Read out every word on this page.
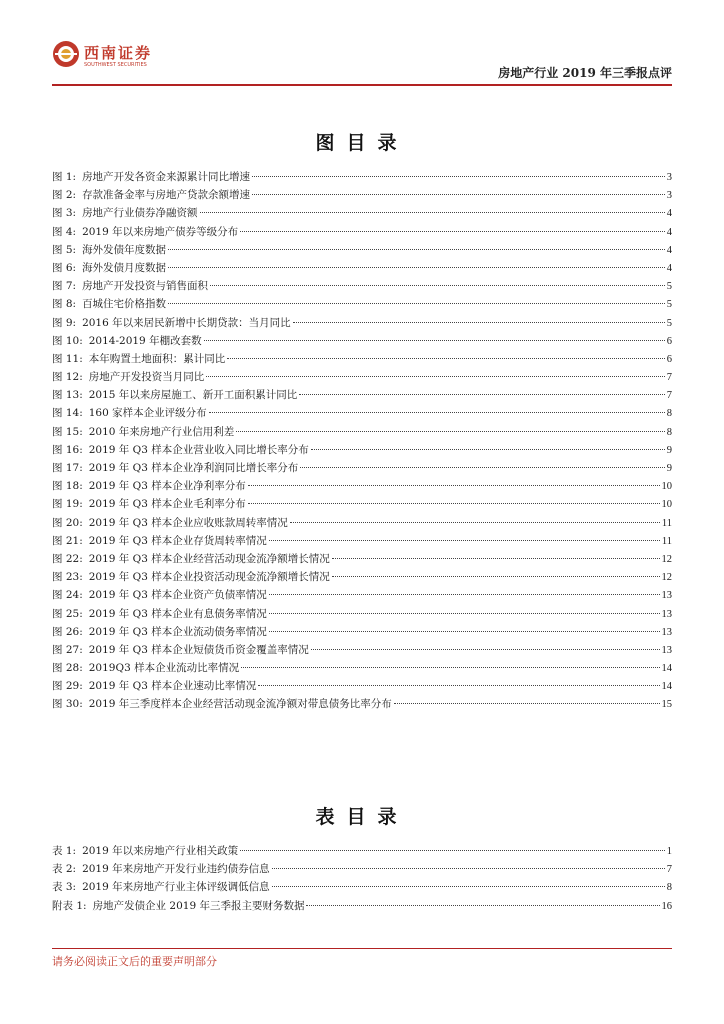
西南证券
SOUTHWEST SECURITIES
房地产行业 2019 年三季报点评
图目录
图 1: 房地产开发各资金来源累计同比增速	3
图 2: 存款准备金率与房地产贷款余额增速	3
图 3: 房地产行业债券净融资额	4
图 4: 2019 年以来房地产债券等级分布	4
图 5: 海外发债年度数据	4
图 6: 海外发债月度数据	4
图 7: 房地产开发投资与销售面积	5
图 8: 百城住宅价格指数	5
图 9: 2016 年以来居民新增中长期贷款：当月同比	5
图 10: 2014-2019 年棚改套数	6
图 11: 本年购置土地面积：累计同比	6
图 12: 房地产开发投资当月同比	7
图 13: 2015 年以来房屋施工、新开工面积累计同比	7
图 14: 160 家样本企业评级分布	8
图 15: 2010 年来房地产行业信用利差	8
图 16: 2019 年 Q3 样本企业营业收入同比增长率分布	9
图 17: 2019 年 Q3 样本企业净利润同比增长率分布	9
图 18: 2019 年 Q3 样本企业净利率分布	10
图 19: 2019 年 Q3 样本企业毛利率分布	10
图 20: 2019 年 Q3 样本企业应收账款周转率情况	11
图 21: 2019 年 Q3 样本企业存货周转率情况	11
图 22: 2019 年 Q3 样本企业经营活动现金流净额增长情况	12
图 23: 2019 年 Q3 样本企业投资活动现金流净额增长情况	12
图 24: 2019 年 Q3 样本企业资产负债率情况	13
图 25: 2019 年 Q3 样本企业有息债务率情况	13
图 26: 2019 年 Q3 样本企业流动债务率情况	13
图 27: 2019 年 Q3 样本企业短债货币资金覆盖率情况	13
图 28: 2019Q3 样本企业流动比率情况	14
图 29: 2019 年 Q3 样本企业速动比率情况	14
图 30: 2019 年三季度样本企业经营活动现金流净额对带息债务比率分布	15
表目录
表 1: 2019 年以来房地产行业相关政策	1
表 2: 2019 年来房地产开发行业违约债券信息	7
表 3: 2019 年来房地产行业主体评级调低信息	8
附表 1: 房地产发债企业 2019 年三季报主要财务数据	16
请务必阅读正文后的重要声明部分
